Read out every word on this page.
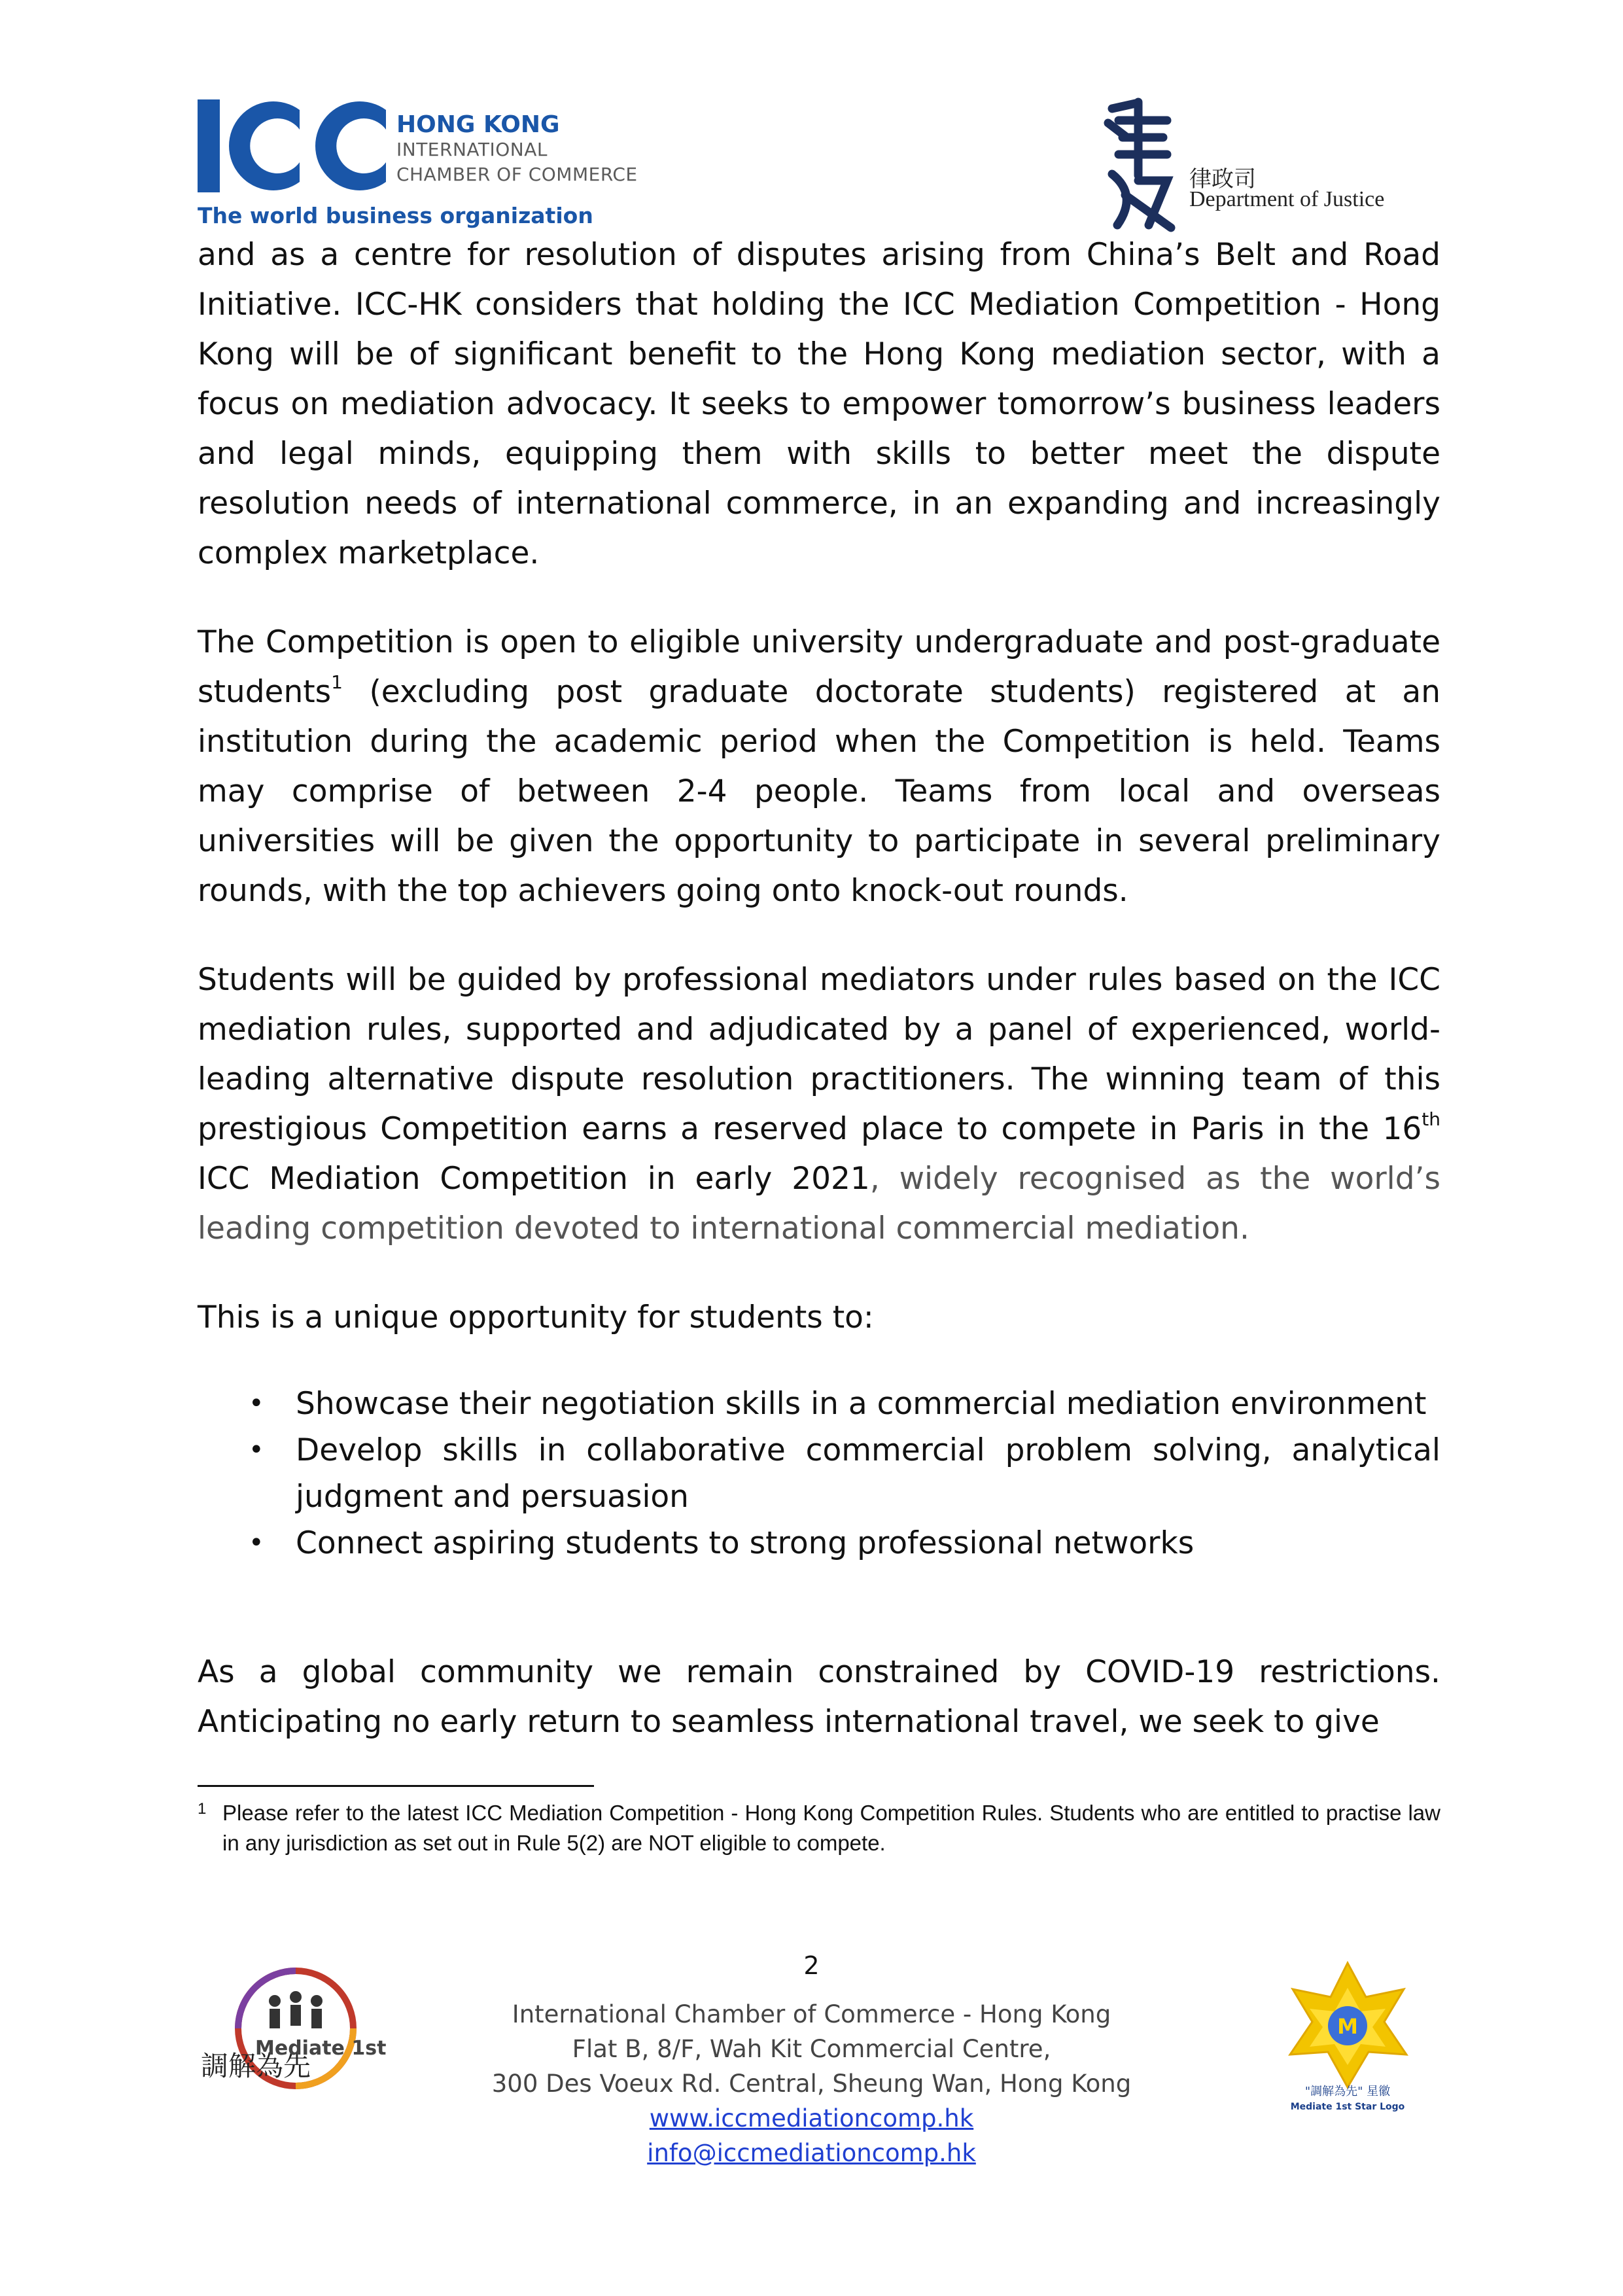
HONG KONG
INTERNATIONAL
CHAMBER OF COMMERCE
The world business organization
律政司
Department of Justice

and as a centre for resolution of disputes arising from China’s Belt and Road Initiative. ICC-HK considers that holding the ICC Mediation Competition - Hong Kong will be of significant benefit to the Hong Kong mediation sector, with a focus on mediation advocacy. It seeks to empower tomorrow’s business leaders and legal minds, equipping them with skills to better meet the dispute resolution needs of international commerce, in an expanding and increasingly complex marketplace.

The Competition is open to eligible university undergraduate and post-graduate students$^1$ (excluding post graduate doctorate students) registered at an institution during the academic period when the Competition is held. Teams may comprise of between 2-4 people. Teams from local and overseas universities will be given the opportunity to participate in several preliminary rounds, with the top achievers going onto knock-out rounds.

Students will be guided by professional mediators under rules based on the ICC mediation rules, supported and adjudicated by a panel of experienced, world-leading alternative dispute resolution practitioners. The winning team of this prestigious Competition earns a reserved place to compete in Paris in the 16th ICC Mediation Competition in early 2021, widely recognised as the world’s leading competition devoted to international commercial mediation.

This is a unique opportunity for students to:

• Showcase their negotiation skills in a commercial mediation environment
• Develop skills in collaborative commercial problem solving, analytical judgment and persuasion
• Connect aspiring students to strong professional networks

As a global community we remain constrained by COVID-19 restrictions. Anticipating no early return to seamless international travel, we seek to give

1 Please refer to the latest ICC Mediation Competition - Hong Kong Competition Rules. Students who are entitled to practise law in any jurisdiction as set out in Rule 5(2) are NOT eligible to compete.
2
調解為先
Mediate 1st
International Chamber of Commerce - Hong Kong
Flat B, 8/F, Wah Kit Commercial Centre,
300 Des Voeux Rd. Central, Sheung Wan, Hong Kong
www.iccmediationcomp.hk
info@iccmediationcomp.hk
M
"調解為先" 星徽
Mediate 1st Star Logo
